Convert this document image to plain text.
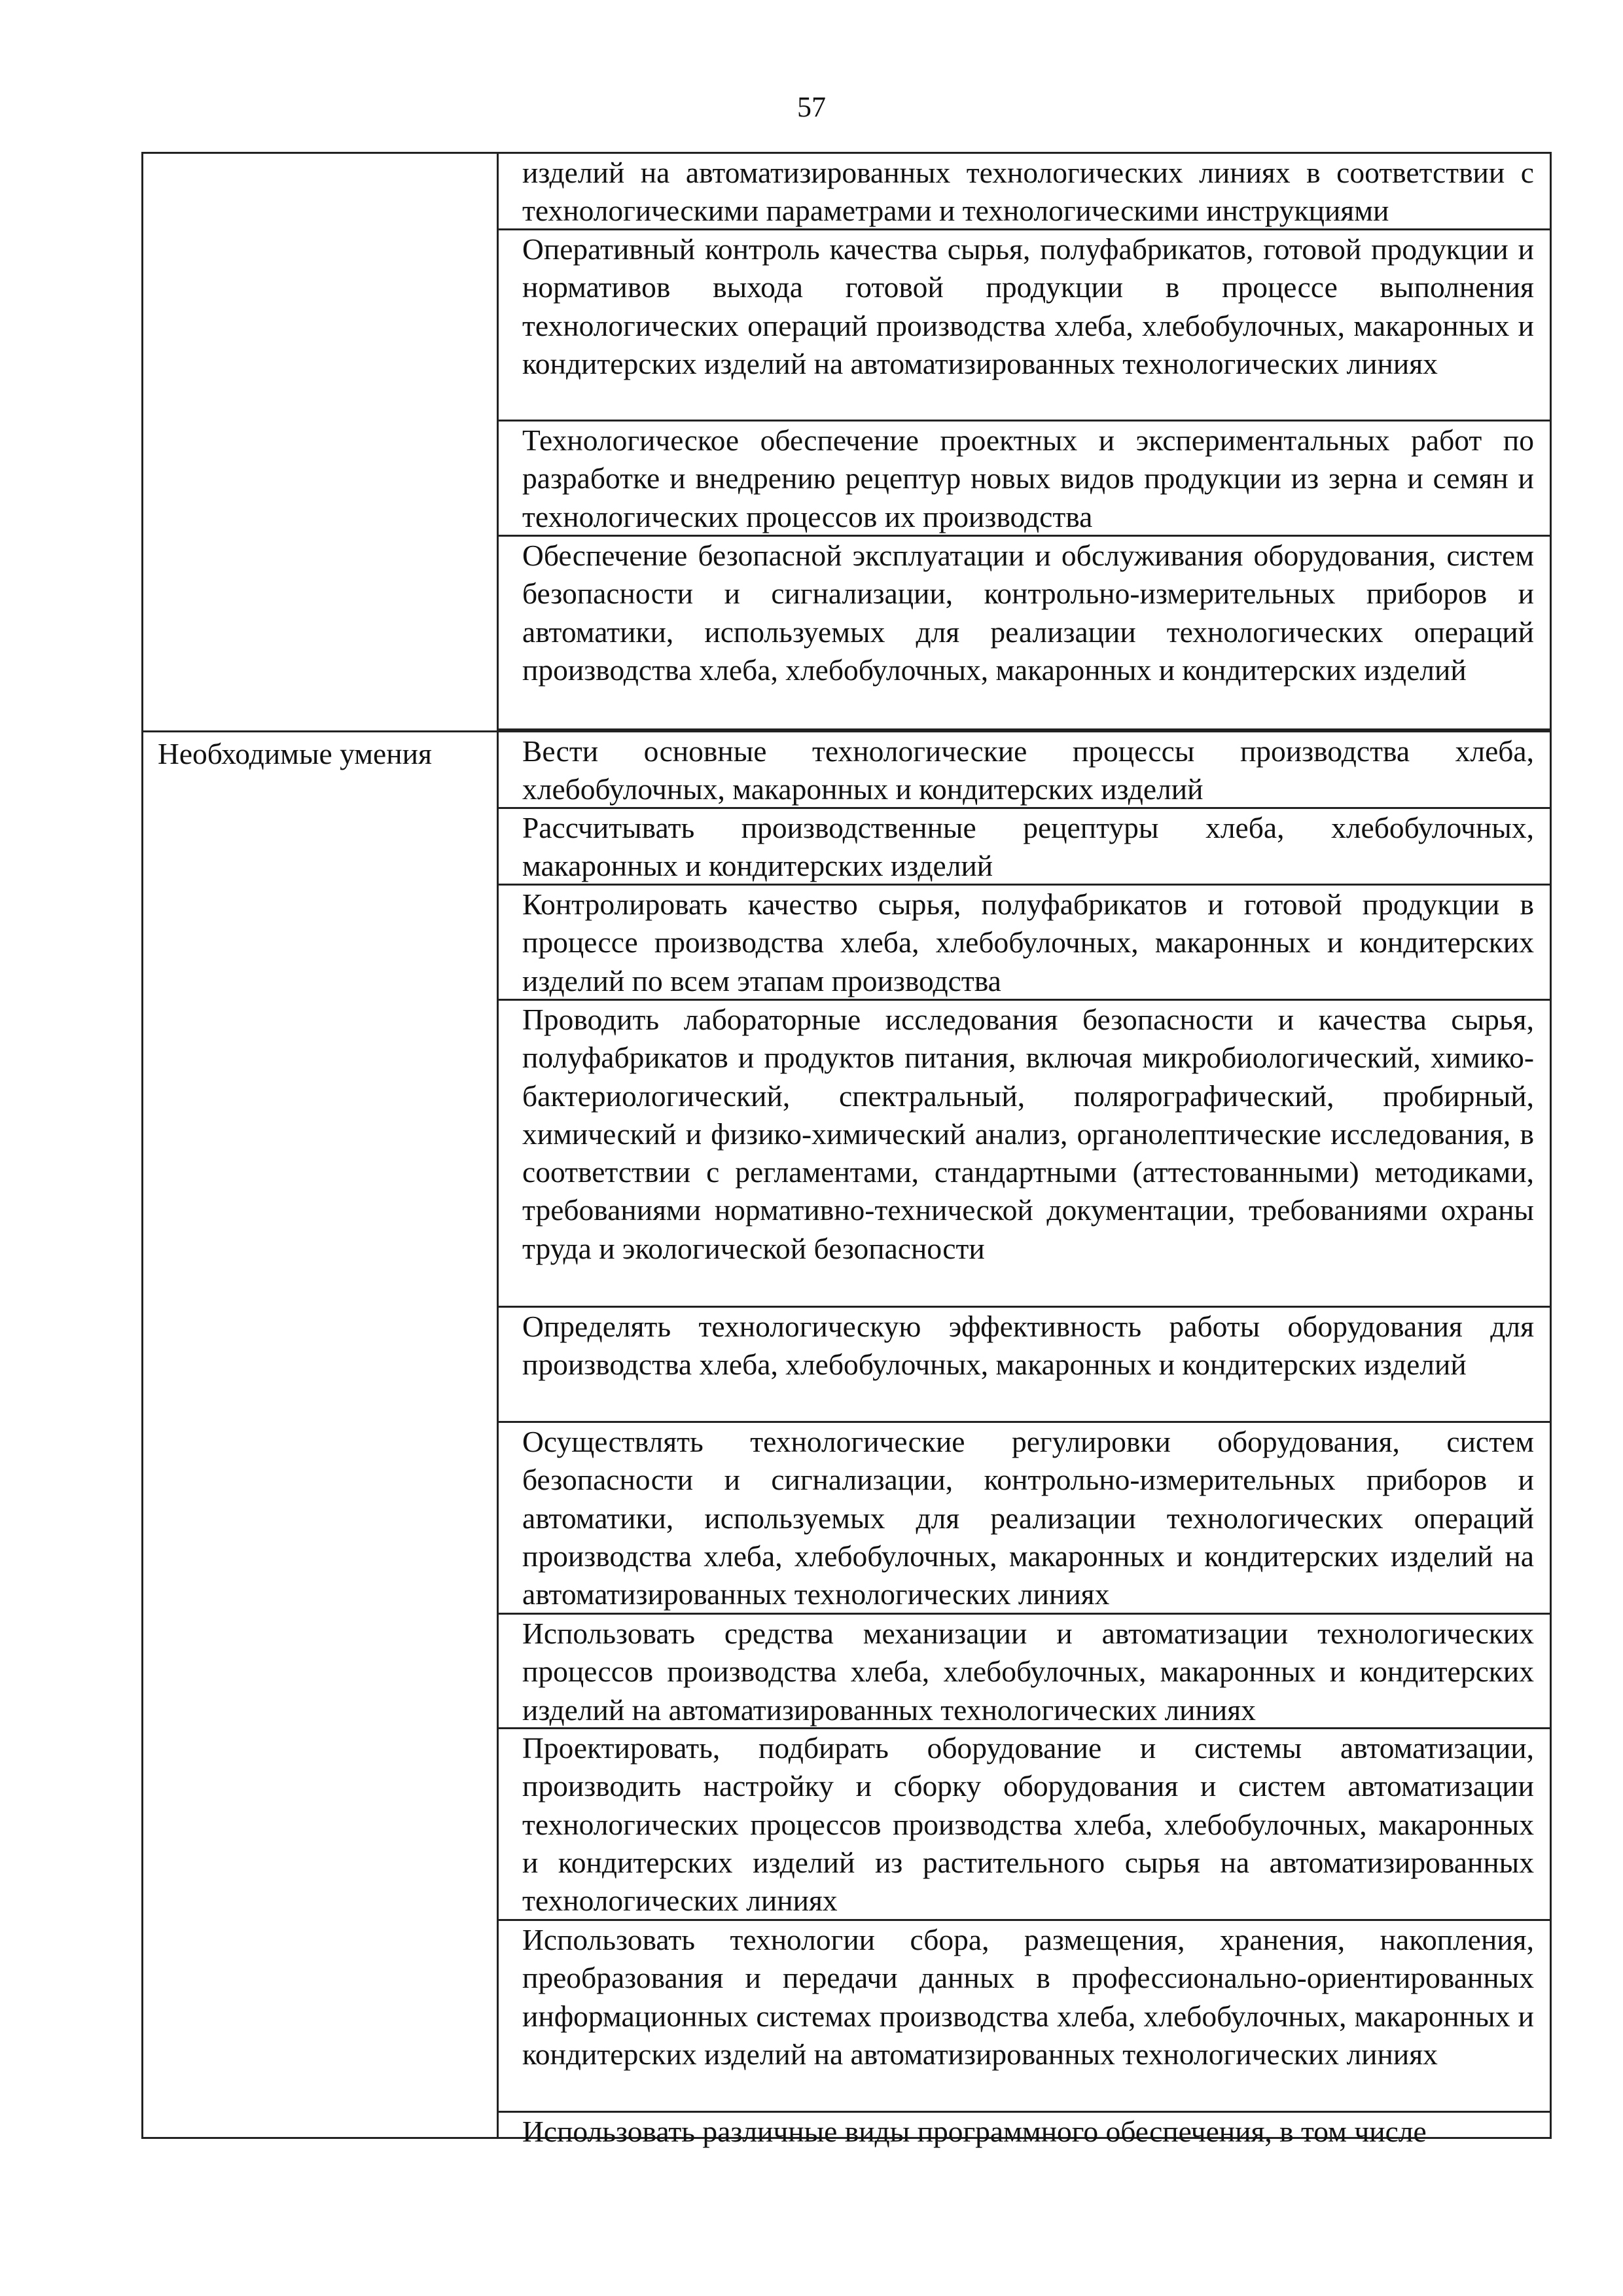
57
Необходимые умения
изделий на автоматизированных технологических линиях в соответствии с технологическими параметрами и технологическими инструкциями
Оперативный контроль качества сырья, полуфабрикатов, готовой продукции и нормативов выхода готовой продукции в процессе выполнения технологических операций производства хлеба, хлебобулочных, макаронных и кондитерских изделий на автоматизированных технологических линиях
Технологическое обеспечение проектных и экспериментальных работ по разработке и внедрению рецептур новых видов продукции из зерна и семян и технологических процессов их производства
Обеспечение безопасной эксплуатации и обслуживания оборудования, систем безопасности и сигнализации, контрольно-измерительных приборов и автоматики, используемых для реализации технологических операций производства хлеба, хлебобулочных, макаронных и кондитерских изделий
Вести основные технологические процессы производства хлеба, хлебобулочных, макаронных и кондитерских изделий
Рассчитывать производственные рецептуры хлеба, хлебобулочных, макаронных и кондитерских изделий
Контролировать качество сырья, полуфабрикатов и готовой продукции в процессе производства хлеба, хлебобулочных, макаронных и кондитерских изделий по всем этапам производства
Проводить лабораторные исследования безопасности и качества сырья, полуфабрикатов и продуктов питания, включая микробиологический, химико-бактериологический, спектральный, полярографический, пробирный, химический и физико-химический анализ, органолептические исследования, в соответствии с регламентами, стандартными (аттестованными) методиками, требованиями нормативно-технической документации, требованиями охраны труда и экологической безопасности
Определять технологическую эффективность работы оборудования для производства хлеба, хлебобулочных, макаронных и кондитерских изделий
Осуществлять технологические регулировки оборудования, систем безопасности и сигнализации, контрольно-измерительных приборов и автоматики, используемых для реализации технологических операций производства хлеба, хлебобулочных, макаронных и кондитерских изделий на автоматизированных технологических линиях
Использовать средства механизации и автоматизации технологических процессов производства хлеба, хлебобулочных, макаронных и кондитерских изделий на автоматизированных технологических линиях
Проектировать, подбирать оборудование и системы автоматизации, производить настройку и сборку оборудования и систем автоматизации технологических процессов производства хлеба, хлебобулочных, макаронных и кондитерских изделий из растительного сырья на автоматизированных технологических линиях
Использовать технологии сбора, размещения, хранения, накопления, преобразования и передачи данных в профессионально-ориентированных информационных системах производства хлеба, хлебобулочных, макаронных и кондитерских изделий на автоматизированных технологических линиях
Использовать различные виды программного обеспечения, в том числе
